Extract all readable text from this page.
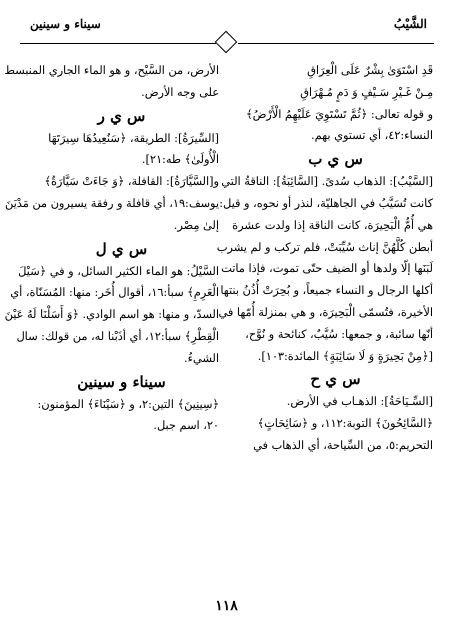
الشَّيْبُ
سيناء و سينين
قَدِ اسْتَوَىٰ بِشْرٌ عَلَى الْعِرَاقِ
مِـنْ غَـيْرِ سَـيْفٍ وَ دَمٍ مُـهْرَاقِ
و قوله تعالى: ﴿ثُمَّ تَسْتَوِيَ عَلَيْهِمُ الْأَرْضُ﴾
النساء:٤٢، أي تستوي بهم.
س ي ب
[السَّيْبُ]: الذهاب سُدىً. [السَّائِبَةُ]: الناقةُ التي
كانت تُسَيَّبُ في الجاهليّة، لنذر أو نحوه، و قيل:
هي أُمُّ الْبَحِيرَة، كانت الناقة إذا ولدت عشرة
أبطن كُلَّهُنَّ إناث سُيِّبَتْ، فلم تركب و لم يشرب
لَبَنَها إلّا ولدها أو الضيف حتّى تموت، فإذا ماتت
أكلها الرجال و النساء جميعاً، و بُحِرَتْ أُذُنُ بنتها
الأخيرة، فتُسمّى الْبَحِيرَة، و هي بمنزلة أُمّها في
أنّها سائبة، و جمعها: سُيَّبٌ، كنائحة و نُوَّح،
[﴿مِنْ بَحِيرَةٍ وَ لَا سَائِبَةٍ﴾ المائدة:١٠٣].
س ي ح
[السِّـيَاحَةُ]: الذهـاب في الأرض.
﴿السَّائِحُونَ﴾ التوبة:١١٢، و ﴿سَائِحَاتٍ﴾
التحريم:٥، من السِّياحة، أي الذهاب في
الأرض، من السَّيْح، و هو الماء الجاري المنبسط
على وجه الأرض.
س ي ر
[السِّيرَةُ]: الطريقة، ﴿سَنُعِيدُهَا سِيرَتَهَا
الْأُولَىٰ﴾ طه:٢١].
و[السَّيَّارَةُ]: القافلة، ﴿وَ جَاءَتْ سَيَّارَةٌ﴾
يوسف:١٩، أي قافلة و رفقة يسيرون من مَدْيَنَ
إلىٰ مِصْر.
س ي ل
السَّيْلُ: هو الماء الكثير السائل، و في ﴿سَيْلَ
الْعَرِمِ﴾ سبأ:١٦، أقوال أُخَر: منها: المُسَنّاة، أي
السدّ، و منها: هو اسم الوادي. ﴿وَ أَسَلْنَا لَهُ عَيْنَ
الْقِطْرِ﴾ سبأ:١٢، أي أذَبْنا له، من قولك: سال
الشيءُ.
سيناء و سينين
﴿سِينِينَ﴾ التين:٢، و ﴿سَيْنَاءَ﴾ المؤمنون:
٢٠، اسم جبل.
١١٨
